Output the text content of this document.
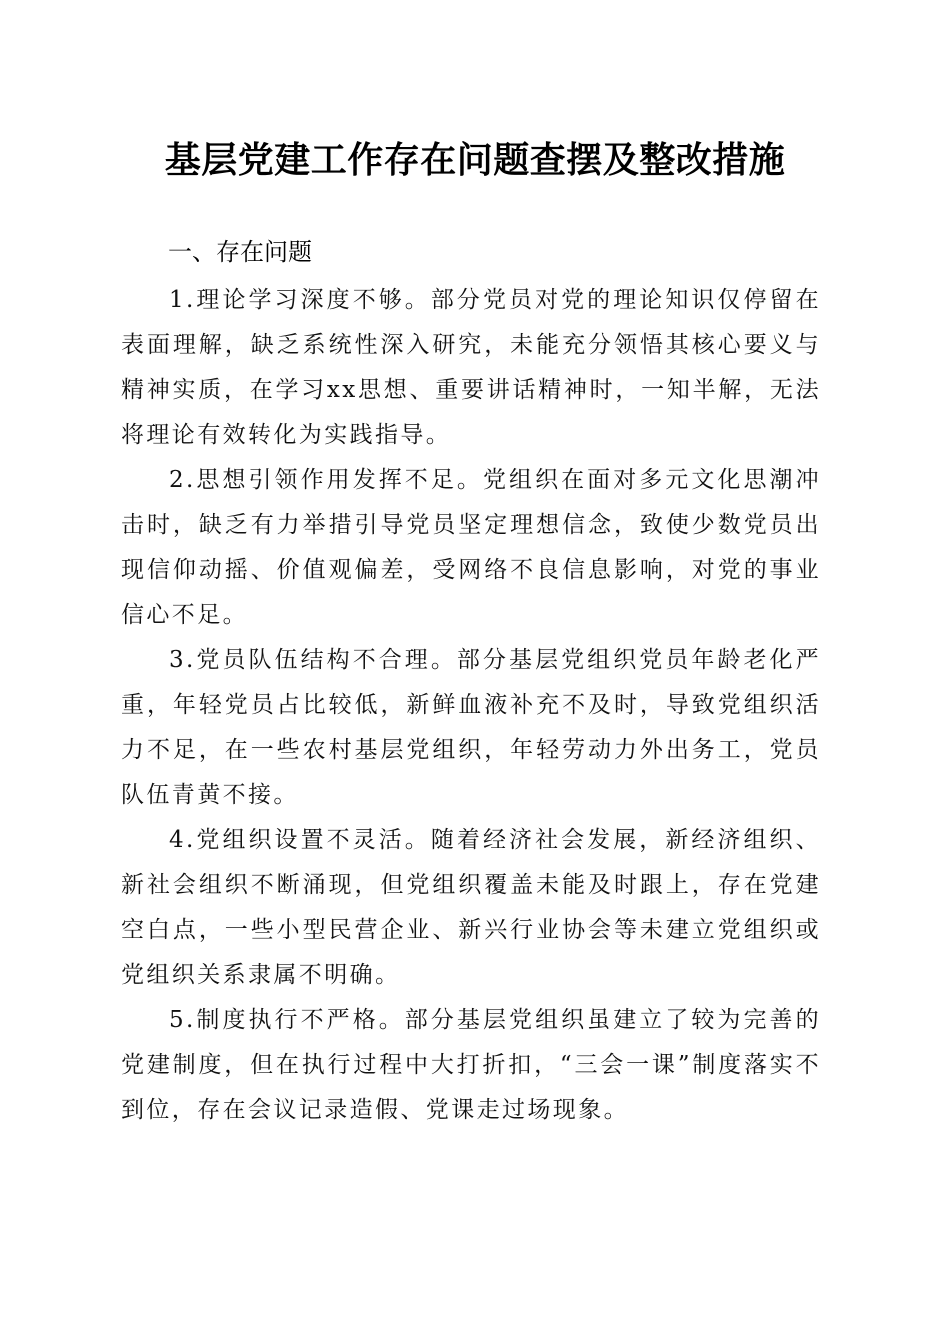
基层党建工作存在问题查摆及整改措施
一、存在问题

1.理论学习深度不够。部分党员对党的理论知识仅停留在表面理解，缺乏系统性深入研究，未能充分领悟其核心要义与精神实质，在学习xx思想、重要讲话精神时，一知半解，无法将理论有效转化为实践指导。

2.思想引领作用发挥不足。党组织在面对多元文化思潮冲击时，缺乏有力举措引导党员坚定理想信念，致使少数党员出现信仰动摇、价值观偏差，受网络不良信息影响，对党的事业信心不足。

3.党员队伍结构不合理。部分基层党组织党员年龄老化严重，年轻党员占比较低，新鲜血液补充不及时，导致党组织活力不足，在一些农村基层党组织，年轻劳动力外出务工，党员队伍青黄不接。

4.党组织设置不灵活。随着经济社会发展，新经济组织、新社会组织不断涌现，但党组织覆盖未能及时跟上，存在党建空白点，一些小型民营企业、新兴行业协会等未建立党组织或党组织关系隶属不明确。

5.制度执行不严格。部分基层党组织虽建立了较为完善的党建制度，但在执行过程中大打折扣，“三会一课”制度落实不到位，存在会议记录造假、党课走过场现象。
